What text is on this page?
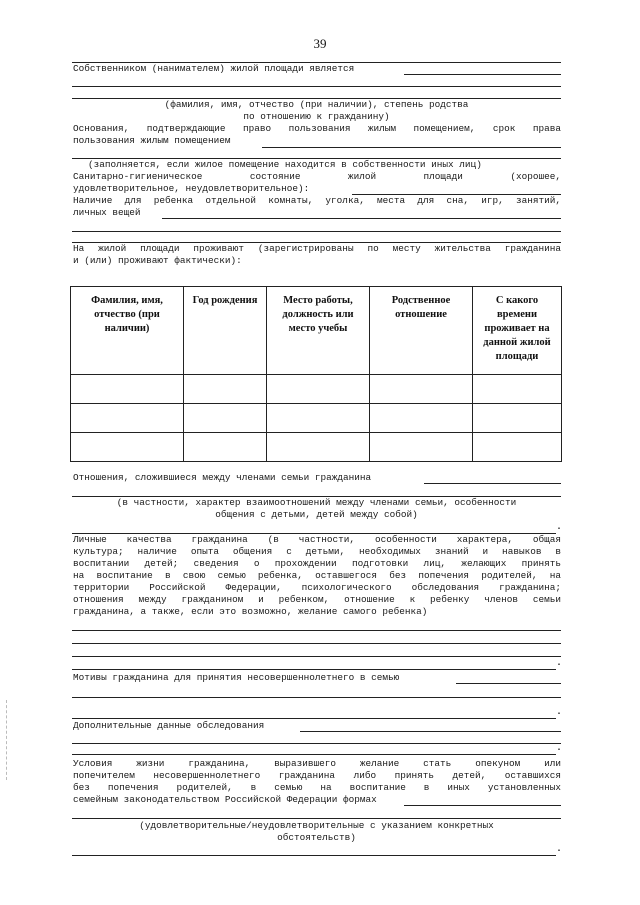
39
Собственником (нанимателем) жилой площади является
(фамилия, имя, отчество (при наличии), степень родства
по отношению к гражданину)
Основания, подтверждающие право пользования жилым помещением, срок права
пользования жилым помещением
(заполняется, если жилое помещение находится в собственности иных лиц)
Санитарно-гигиеническое состояние жилой площади (хорошее,
удовлетворительное, неудовлетворительное):
Наличие для ребенка отдельной комнаты, уголка, места для сна, игр, занятий,
личных вещей
На жилой площади проживают (зарегистрированы по месту жительства гражданина
и (или) проживают фактически):
Фамилия, имя, отчество (при наличии)	Год рождения	Место работы, должность или место учебы	Родственное отношение	С какого времени проживает на данной жилой площади

Отношения, сложившиеся между членами семьи гражданина
(в частности, характер взаимоотношений между членами семьи, особенности
общения с детьми, детей между собой)
.
Личные качества гражданина (в частности, особенности характера, общая
культура; наличие опыта общения с детьми, необходимых знаний и навыков в
воспитании детей; сведения о прохождении подготовки лиц, желающих принять
на воспитание в свою семью ребенка, оставшегося без попечения родителей, на
территории Российской Федерации, психологического обследования гражданина;
отношения между гражданином и ребенком, отношение к ребенку членов семьи
гражданина, а также, если это возможно, желание самого ребенка)
.
Мотивы гражданина для принятия несовершеннолетнего в семью
.
Дополнительные данные обследования
.
Условия жизни гражданина, выразившего желание стать опекуном или
попечителем несовершеннолетнего гражданина либо принять детей, оставшихся
без попечения родителей, в семью на воспитание в иных установленных
семейным законодательством Российской Федерации формах
(удовлетворительные/неудовлетворительные с указанием конкретных
обстоятельств)
.
